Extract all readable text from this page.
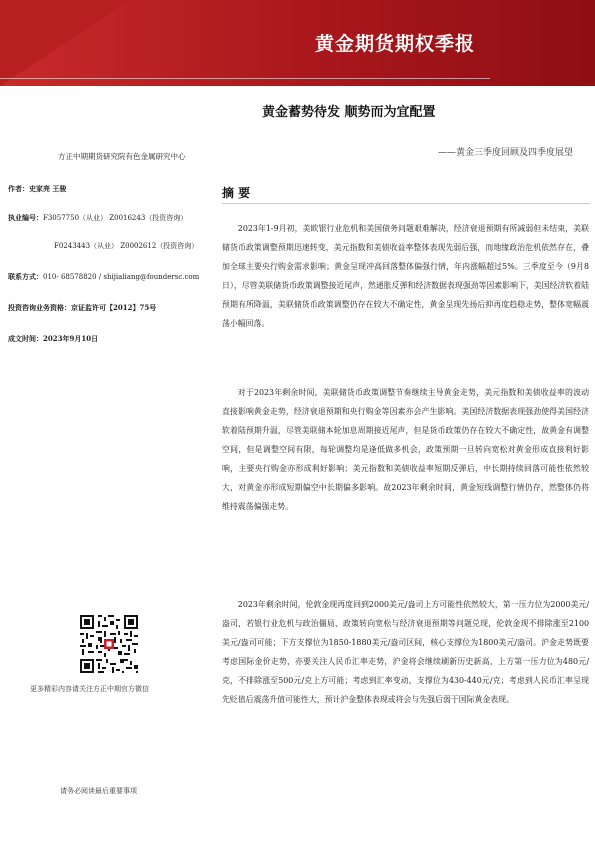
黄金期货期权季报
黄金蓄势待发 顺势而为宜配置
——黄金三季度回顾及四季度展望
方正中期期货研究院有色金属研究中心
作者：史家亮 王骏
执业编号：F3057750（从业） Z0016243（投资咨询）
F0243443（从业） Z0002612（投资咨询）
联系方式：010- 68578820 / shijialiang@foundersc.com
投资咨询业务资格：京证监许可【2012】75号
成文时间：2023年9月10日
更多精彩内容请关注方正中期官方微信
请务必阅读最后重要事项
摘 要

2023年1-9月初，美欧银行业危机和美国债务问题艰难解决，经济衰退预期有所减弱但未结束，美联储货币政策调整预期迅速转变，美元指数和美债收益率整体表现先弱后强，而地缘政治危机依然存在，叠加全球主要央行购金需求影响；黄金呈现冲高回落整体偏强行情，年内涨幅超过5%。三季度至今（9月8日），尽管美联储货币政策调整接近尾声，然通胀反弹和经济数据表现强劲等因素影响下，美国经济软着陆预期有所降温，美联储货币政策调整仍存在较大不确定性，黄金呈现先扬后抑再度趋稳走势，整体宽幅震荡小幅回落。

对于2023年剩余时间，美联储货币政策调整节奏继续主导黄金走势，美元指数和美债收益率的波动直接影响黄金走势，经济衰退预期和央行购金等因素亦会产生影响。美国经济数据表现强劲使得美国经济软着陆预期升温，尽管美联储本轮加息周期接近尾声，但是货币政策仍存在较大不确定性，故黄金有调整空间，但是调整空间有限，每轮调整均是逢低做多机会，政策预期一旦转向宽松对黄金形成直接利好影响，主要央行购金亦形成利好影响；美元指数和美债收益率短期反弹后，中长期持续回落可能性依然较大，对黄金亦形成短期偏空中长期偏多影响。故2023年剩余时间，黄金短线调整行情仍存，然整体仍将维持震荡偏强走势。

2023年剩余时间，伦敦金现再度回到2000美元/盎司上方可能性依然较大，第一压力位为2000美元/盎司，若银行业危机与政治僵局、政策转向宽松与经济衰退预期等问题兑现，伦敦金现不排除涨至2100美元/盎司可能；下方支撑位为1850-1880美元/盎司区间，核心支撑位为1800美元/盎司。沪金走势既要考虑国际金价走势，亦要关注人民币汇率走势，沪金将会继续刷新历史新高，上方第一压力位为480元/克，不排除涨至500元/克上方可能；考虑到汇率变动，支撑位为430-440元/克；考虑到人民币汇率呈现先贬值后震荡升值可能性大，预计沪金整体表现或将会与先强后弱于国际黄金表现。
